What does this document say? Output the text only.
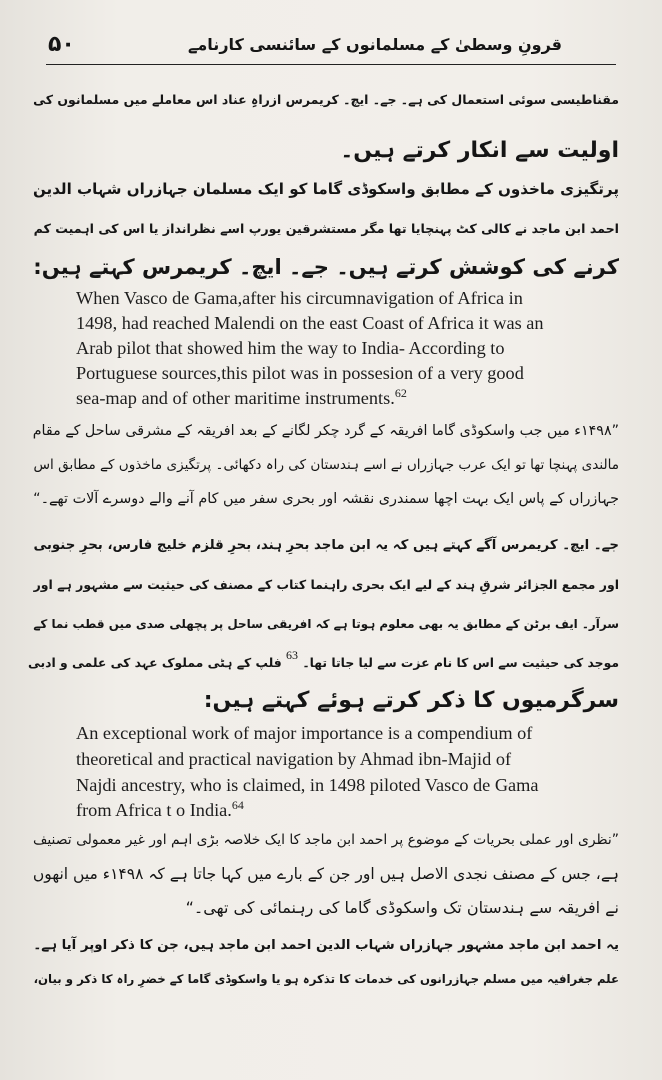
۵۰	قرونِ وسطیٰ کے مسلمانوں کے سائنسی کارنامے

مقناطیسی سوئی استعمال کی ہے۔ جے۔ ایچ۔ کریمرس ازراہِ عناد اس معاملے میں مسلمانوں کی

اولیت سے انکار کرتے ہیں۔

پرتگیزی ماخذوں کے مطابق واسکوڈی گاما کو ایک مسلمان جہازراں شہاب الدین

احمد ابن ماجد نے کالی کٹ پہنچایا تھا مگر مستشرقین یورپ اسے نظرانداز یا اس کی اہمیت کم

کرنے کی کوشش کرتے ہیں۔ جے۔ ایچ۔ کریمرس کہتے ہیں:

When Vasco de Gama,after his circumnavigation of Africa in

1498, had reached Malendi on the east Coast of Africa it was an

Arab pilot that showed him the way to India- According to

Portuguese sources,this pilot was in possesion of a very good

sea-map and of other maritime instruments.$^{62}$

”۱۴۹۸ء میں جب واسکوڈی گاما افریقہ کے گرد چکر لگانے کے بعد افریقہ کے مشرقی ساحل کے مقام

مالندی پہنچا تھا تو ایک عرب جہازراں نے اسے ہندستان کی راہ دکھائی۔ پرتگیزی ماخذوں کے مطابق اس

جہازراں کے پاس ایک بہت اچھا سمندری نقشہ اور بحری سفر میں کام آنے والے دوسرے آلات تھے۔“

جے۔ ایچ۔ کریمرس آگے کہتے ہیں کہ یہ ابن ماجد بحرِ ہند، بحرِ قلزم خلیج فارس، بحرِ جنوبی

اور مجمع الجزائر شرقِ ہند کے لیے ایک بحری راہنما کتاب کے مصنف کی حیثیت سے مشہور ہے اور

سرآر۔ ایف برٹن کے مطابق یہ بھی معلوم ہوتا ہے کہ افریقی ساحل پر پچھلی صدی میں قطب نما کے

موجد کی حیثیت سے اس کا نام عزت سے لیا جاتا تھا۔ $^{63}$ فلپ کے ہٹی مملوک عہد کی علمی و ادبی

سرگرمیوں کا ذکر کرتے ہوئے کہتے ہیں:

An exceptional work of major importance is a compendium of

theoretical and practical navigation by Ahmad ibn-Majid of

Najdi ancestry, who is claimed, in 1498 piloted Vasco de Gama

from Africa t o India.$^{64}$

”نظری اور عملی بحریات کے موضوع پر احمد ابن ماجد کا ایک خلاصہ بڑی اہم اور غیر معمولی تصنیف

ہے، جس کے مصنف نجدی الاصل ہیں اور جن کے بارے میں کہا جاتا ہے کہ ۱۴۹۸ء میں انھوں

نے افریقہ سے ہندستان تک واسکوڈی گاما کی رہنمائی کی تھی۔“

یہ احمد ابن ماجد مشہور جہازراں شہاب الدین احمد ابن ماجد ہیں، جن کا ذکر اوپر آیا ہے۔

علم جغرافیہ میں مسلم جہازرانوں کی خدمات کا تذکرہ ہو یا واسکوڈی گاما کے خضرِ راہ کا ذکر و بیان،
